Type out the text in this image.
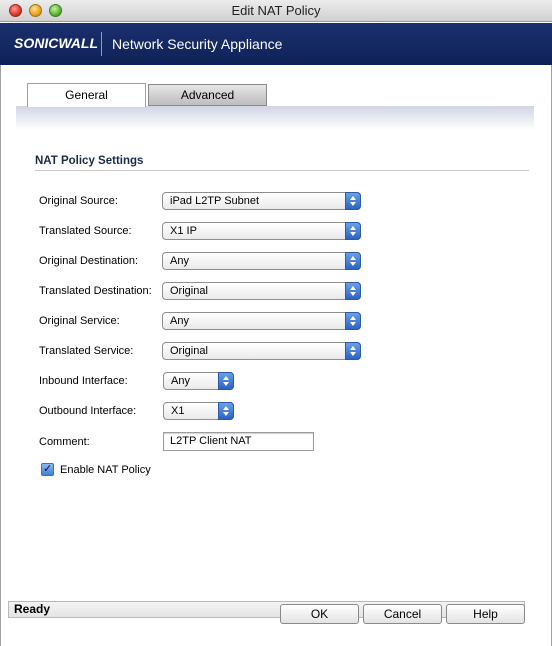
Edit NAT Policy
SONICWALL Network Security Appliance
General	Advanced
NAT Policy Settings
Original Source:	iPad L2TP Subnet
Translated Source:	X1 IP
Original Destination:	Any
Translated Destination:	Original
Original Service:	Any
Translated Service:	Original
Inbound Interface:	Any
Outbound Interface:	X1
Comment:	L2TP Client NAT
✓
Enable NAT Policy
Ready	OK	Cancel	Help
